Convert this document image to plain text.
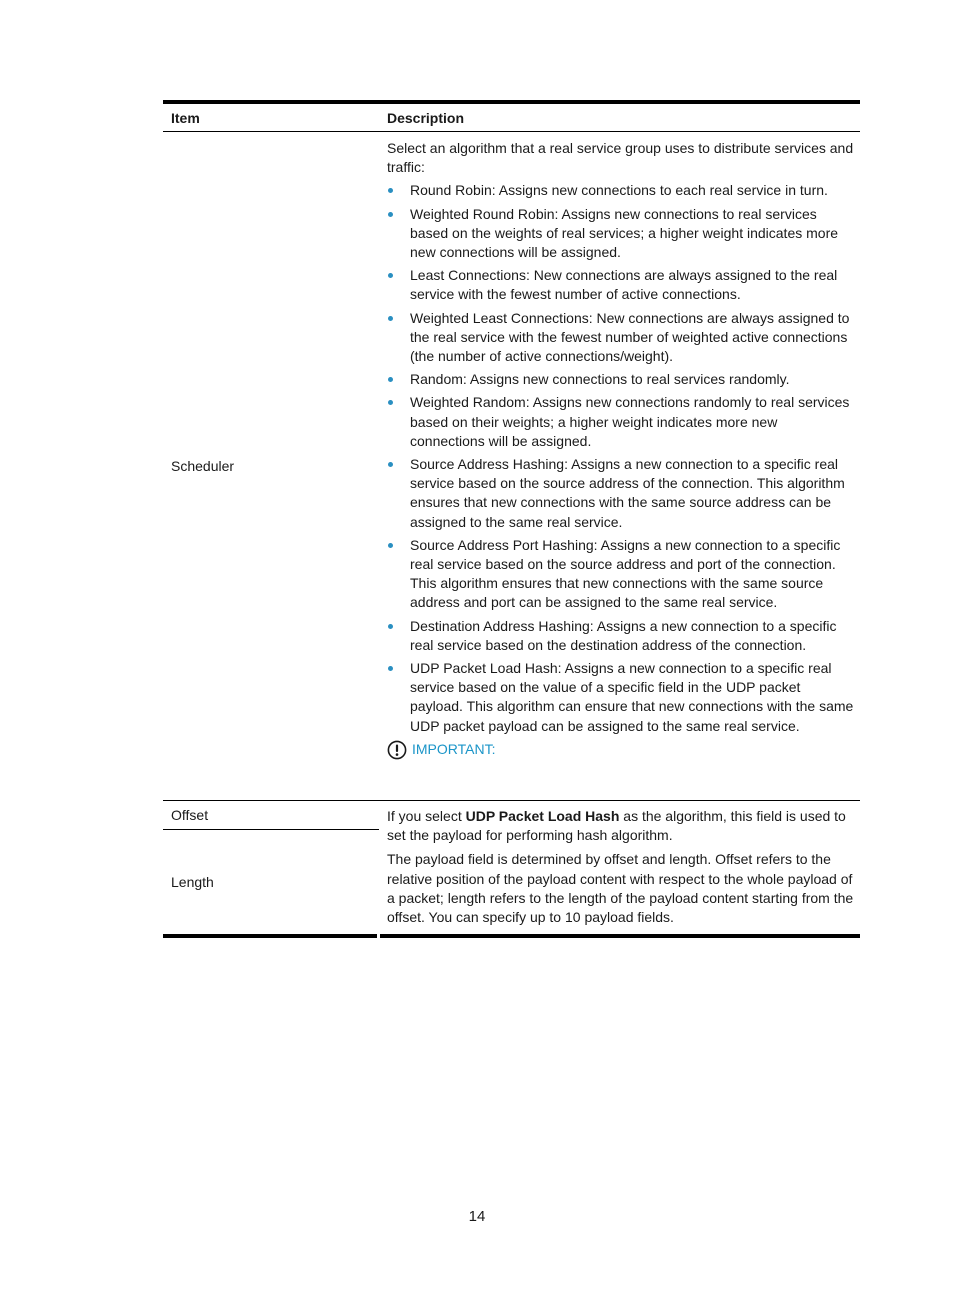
Item	Description
Scheduler
Select an algorithm that a real service group uses to distribute services and traffic:
Round Robin: Assigns new connections to each real service in turn.
Weighted Round Robin: Assigns new connections to real services based on the weights of real services; a higher weight indicates more new connections will be assigned.
Least Connections: New connections are always assigned to the real service with the fewest number of active connections.
Weighted Least Connections: New connections are always assigned to the real service with the fewest number of weighted active connections (the number of active connections/weight).
Random: Assigns new connections to real services randomly.
Weighted Random: Assigns new connections randomly to real services based on their weights; a higher weight indicates more new connections will be assigned.
Source Address Hashing: Assigns a new connection to a specific real service based on the source address of the connection. This algorithm ensures that new connections with the same source address can be assigned to the same real service.
Source Address Port Hashing: Assigns a new connection to a specific real service based on the source address and port of the connection. This algorithm ensures that new connections with the same source address and port can be assigned to the same real service.
Destination Address Hashing: Assigns a new connection to a specific real service based on the destination address of the connection.
UDP Packet Load Hash: Assigns a new connection to a specific real service based on the value of a specific field in the UDP packet payload. This algorithm can ensure that new connections with the same UDP packet payload can be assigned to the same real service.
IMPORTANT:
Offset
Length

If you select UDP Packet Load Hash as the algorithm, this field is used to set the payload for performing hash algorithm.

The payload field is determined by offset and length. Offset refers to the relative position of the payload content with respect to the whole payload of a packet; length refers to the length of the payload content starting from the offset. You can specify up to 10 payload fields.

14
